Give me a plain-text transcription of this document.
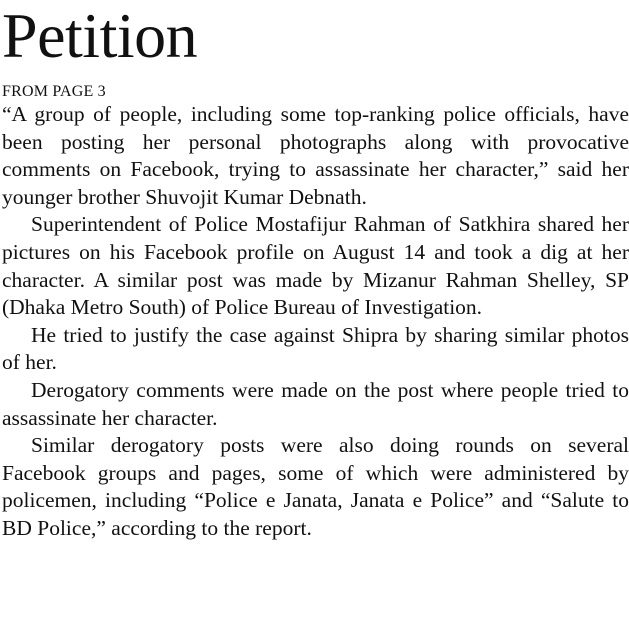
Petition
FROM PAGE 3

“A group of people, including some top-ranking police officials, have been posting her personal photographs along with provocative comments on Facebook, trying to assassinate her character,” said her younger brother Shuvojit Kumar Debnath.

Superintendent of Police Mostafijur Rahman of Satkhira shared her pictures on his Facebook profile on August 14 and took a dig at her character. A similar post was made by Mizanur Rahman Shelley, SP (Dhaka Metro South) of Police Bureau of Investigation.

He tried to justify the case against Shipra by sharing similar photos of her.

Derogatory comments were made on the post where people tried to assassinate her character.

Similar derogatory posts were also doing rounds on several Facebook groups and pages, some of which were administered by policemen, including “Police e Janata, Janata e Police” and “Salute to BD Police,” according to the report.
